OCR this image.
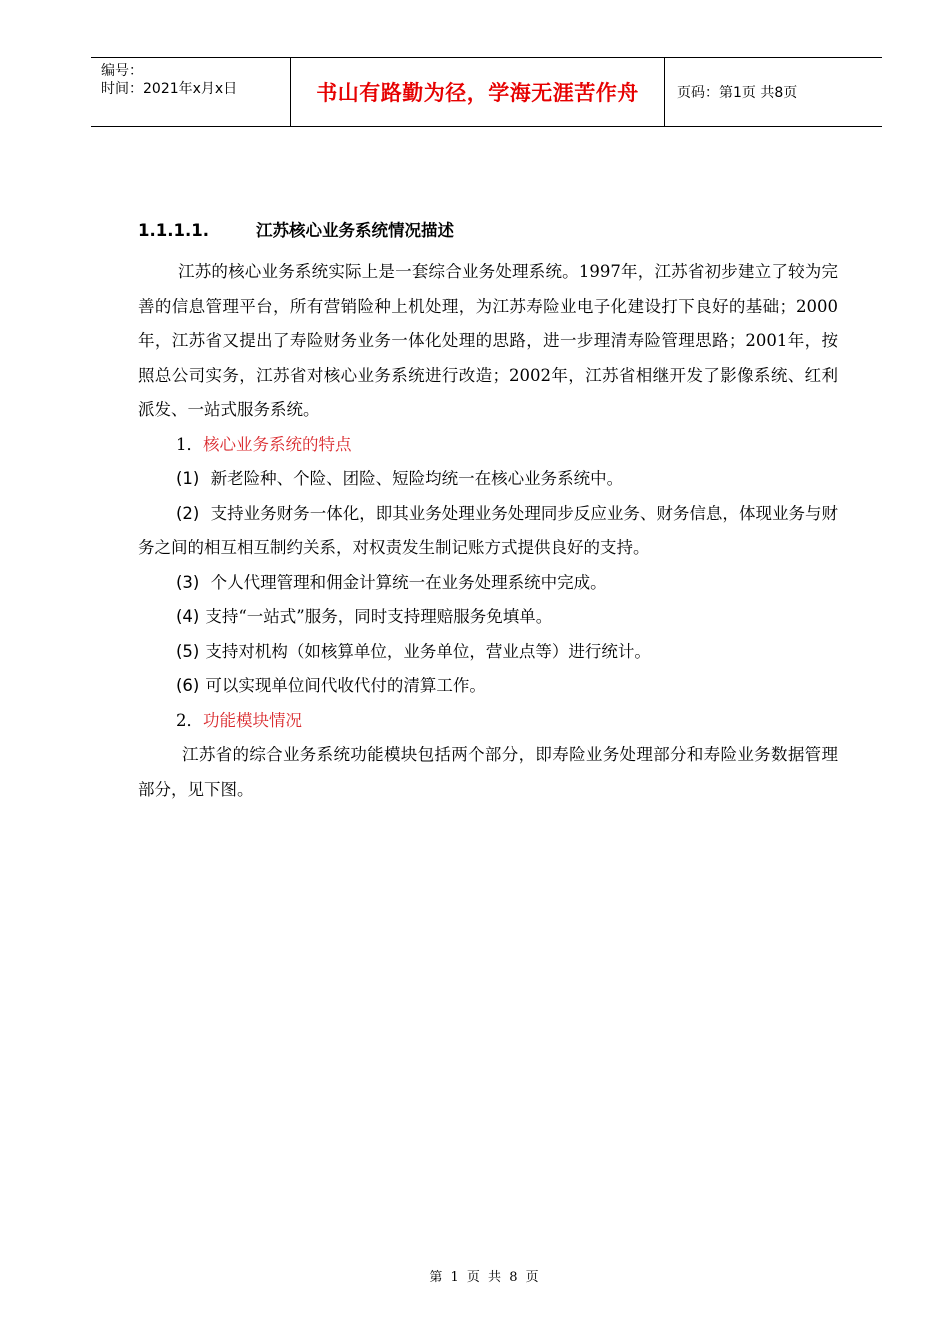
编号：
时间：2021年x月x日	书山有路勤为径，学海无涯苦作舟	页码：第1页 共8页
1.1.1.1.	江苏核心业务系统情况描述

江苏的核心业务系统实际上是一套综合业务处理系统。1997年，江苏省初步建立了较为完善的信息管理平台，所有营销险种上机处理，为江苏寿险业电子化建设打下良好的基础；2000年，江苏省又提出了寿险财务业务一体化处理的思路，进一步理清寿险管理思路；2001年，按照总公司实务，江苏省对核心业务系统进行改造；2002年，江苏省相继开发了影像系统、红利派发、一站式服务系统。

1．核心业务系统的特点

(1) 新老险种、个险、团险、短险均统一在核心业务系统中。

(2) 支持业务财务一体化，即其业务处理业务处理同步反应业务、财务信息，体现业务与财务之间的相互相互制约关系，对权责发生制记账方式提供良好的支持。

(3) 个人代理管理和佣金计算统一在业务处理系统中完成。

(4) 支持“一站式”服务，同时支持理赔服务免填单。

(5) 支持对机构（如核算单位，业务单位，营业点等）进行统计。

(6) 可以实现单位间代收代付的清算工作。

2．功能模块情况

江苏省的综合业务系统功能模块包括两个部分，即寿险业务处理部分和寿险业务数据管理部分，见下图。

第 1 页 共 8 页
